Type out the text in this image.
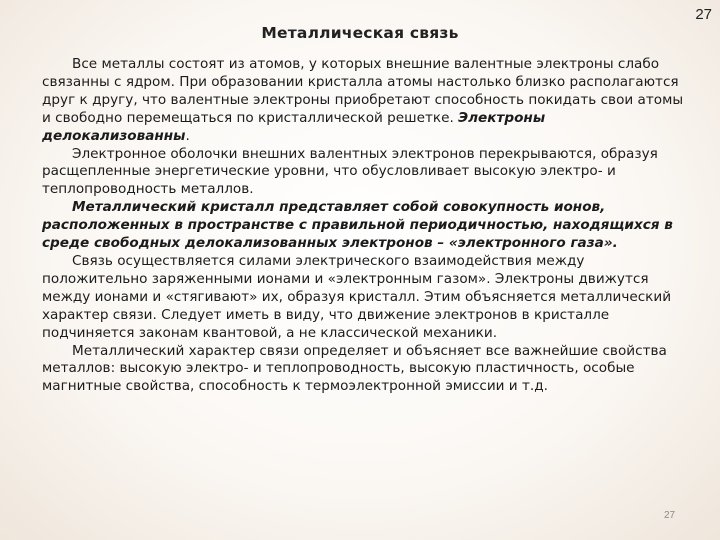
27
Металлическая связь

Все металлы состоят из атомов, у которых внешние валентные электроны слабо связанны с ядром. При образовании кристалла атомы настолько близко располагаются друг к другу, что валентные электроны приобретают способность покидать свои атомы и свободно перемещаться по кристаллической решетке. Электроны делокализованны.

Электронное оболочки внешних валентных электронов перекрываются, образуя расщепленные энергетические уровни, что обусловливает высокую электро- и теплопроводность металлов.

Металлический кристалл представляет собой совокупность ионов, расположенных в пространстве с правильной периодичностью, находящихся в среде свободных делокализованных электронов – «электронного газа».

Связь осуществляется силами электрического взаимодействия между положительно заряженными ионами и «электронным газом». Электроны движутся между ионами и «стягивают» их, образуя кристалл. Этим объясняется металлический характер связи. Следует иметь в виду, что движение электронов в кристалле подчиняется законам квантовой, а не классической механики.

Металлический характер связи определяет и объясняет все важнейшие свойства металлов: высокую электро- и теплопроводность, высокую пластичность, особые магнитные свойства, способность к термоэлектронной эмиссии и т.д.

27
